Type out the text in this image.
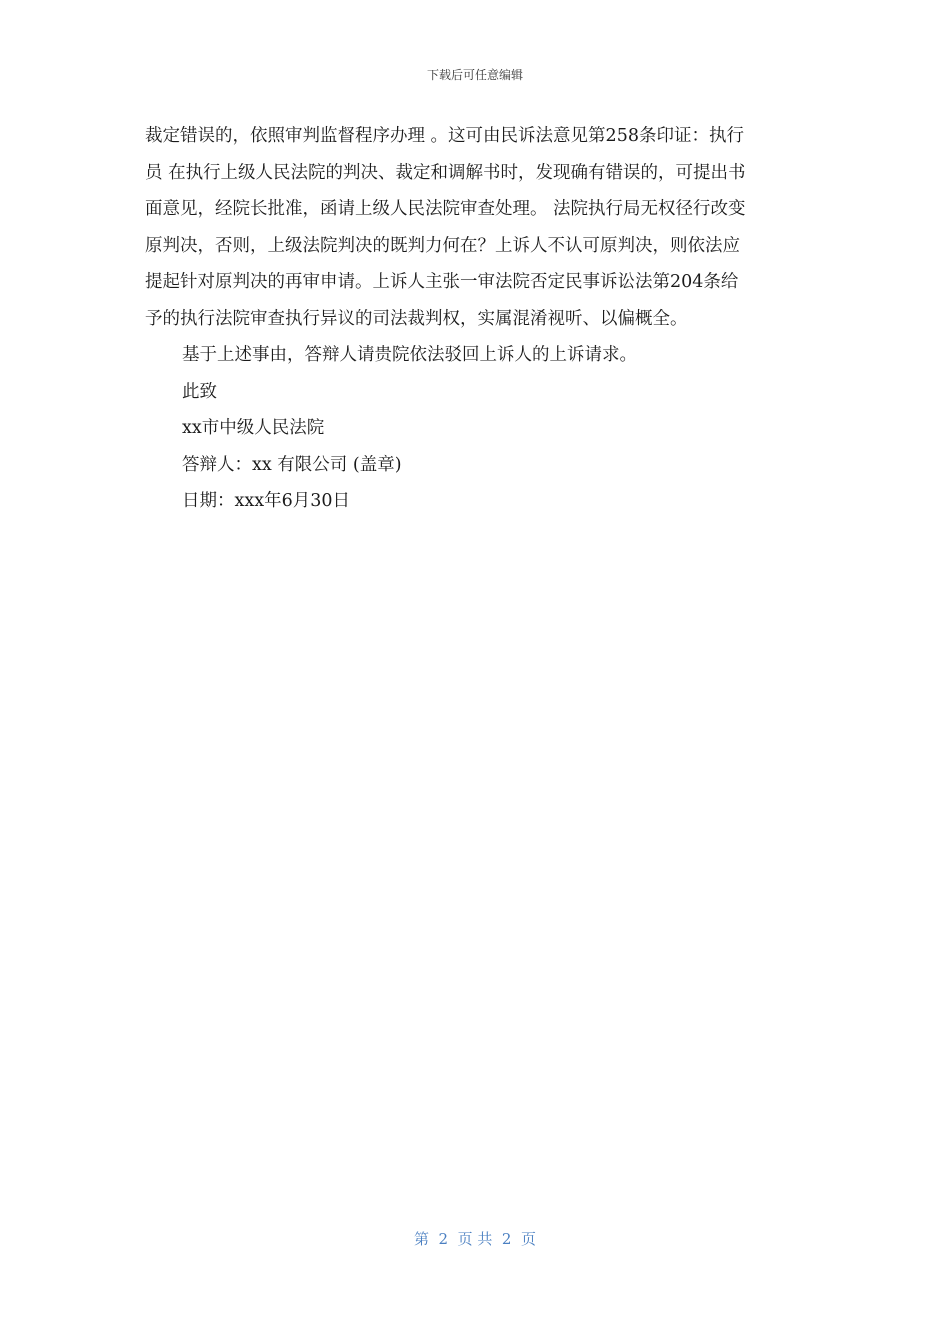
下载后可任意编辑
裁定错误的，依照审判监督程序办理 。这可由民诉法意见第258条印证：执行
员 在执行上级人民法院的判决、裁定和调解书时，发现确有错误的，可提出书
面意见，经院长批准，函请上级人民法院审查处理。 法院执行局无权径行改变
原判决，否则，上级法院判决的既判力何在？上诉人不认可原判决，则依法应
提起针对原判决的再审申请。上诉人主张一审法院否定民事诉讼法第204条给
予的执行法院审查执行异议的司法裁判权，实属混淆视听、以偏概全。
基于上述事由，答辩人请贵院依法驳回上诉人的上诉请求。
此致
xx市中级人民法院
答辩人：xx 有限公司 (盖章)
日期：xxx年6月30日
第  2  页 共  2  页
